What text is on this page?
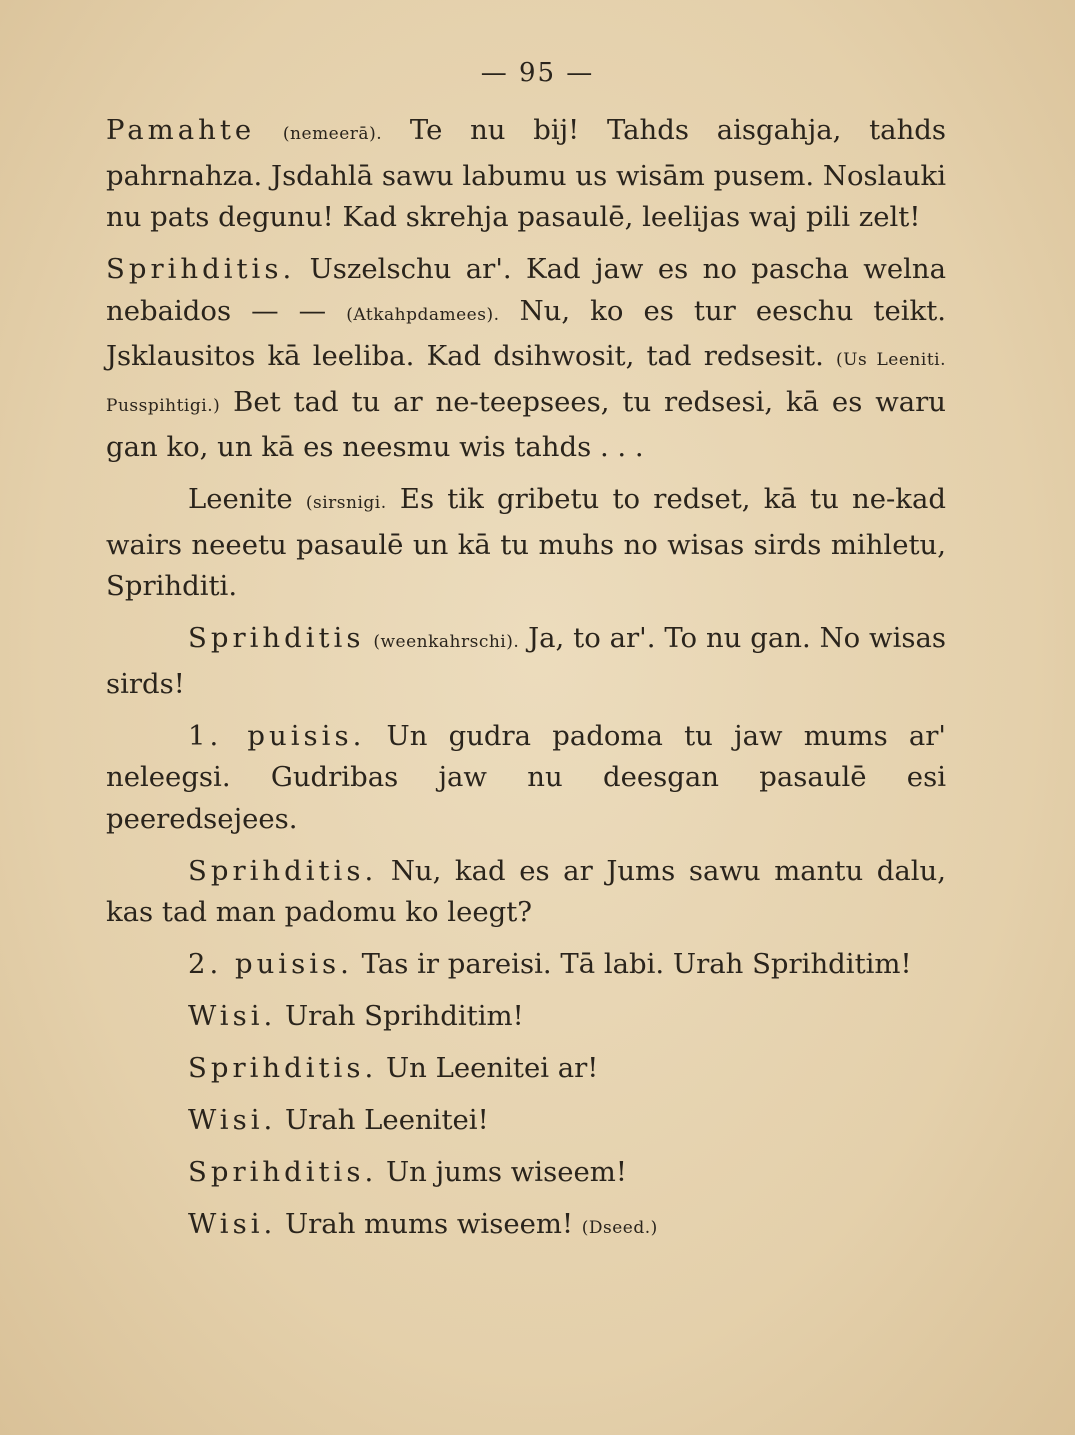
— 95 —

Pamahte (nemeerā). Te nu bij! Tahds aisgahja, tahds pahrnahza. Jsdahlā sawu labumu us wisām pusem. Noslauki nu pats degunu! Kad skrehja pasaulē, leelijas waj pili zelt!

Sprihditis. Uszelschu ar'. Kad jaw es no pascha welna nebaidos — — (Atkahpdamees). Nu, ko es tur eeschu teikt. Jsklausitos kā leeliba. Kad dsihwosit, tad redsesit. (Us Leeniti. Pusspihtigi.) Bet tad tu ar ne-teepsees, tu redsesi, kā es waru gan ko, un kā es neesmu wis tahds . . .

Leenite (sirsnigi. Es tik gribetu to redset, kā tu ne-kad wairs neeetu pasaulē un kā tu muhs no wisas sirds mihletu, Sprihditi.

Sprihditis (weenkahrschi). Ja, to ar'. To nu gan. No wisas sirds!

1. puisis. Un gudra padoma tu jaw mums ar' neleegsi. Gudribas jaw nu deesgan pasaulē esi peeredsejees.

Sprihditis. Nu, kad es ar Jums sawu mantu dalu, kas tad man padomu ko leegt?

2. puisis. Tas ir pareisi. Tā labi. Urah Sprihditim!

Wisi. Urah Sprihditim!

Sprihditis. Un Leenitei ar!

Wisi. Urah Leenitei!

Sprihditis. Un jums wiseem!

Wisi. Urah mums wiseem! (Dseed.)
